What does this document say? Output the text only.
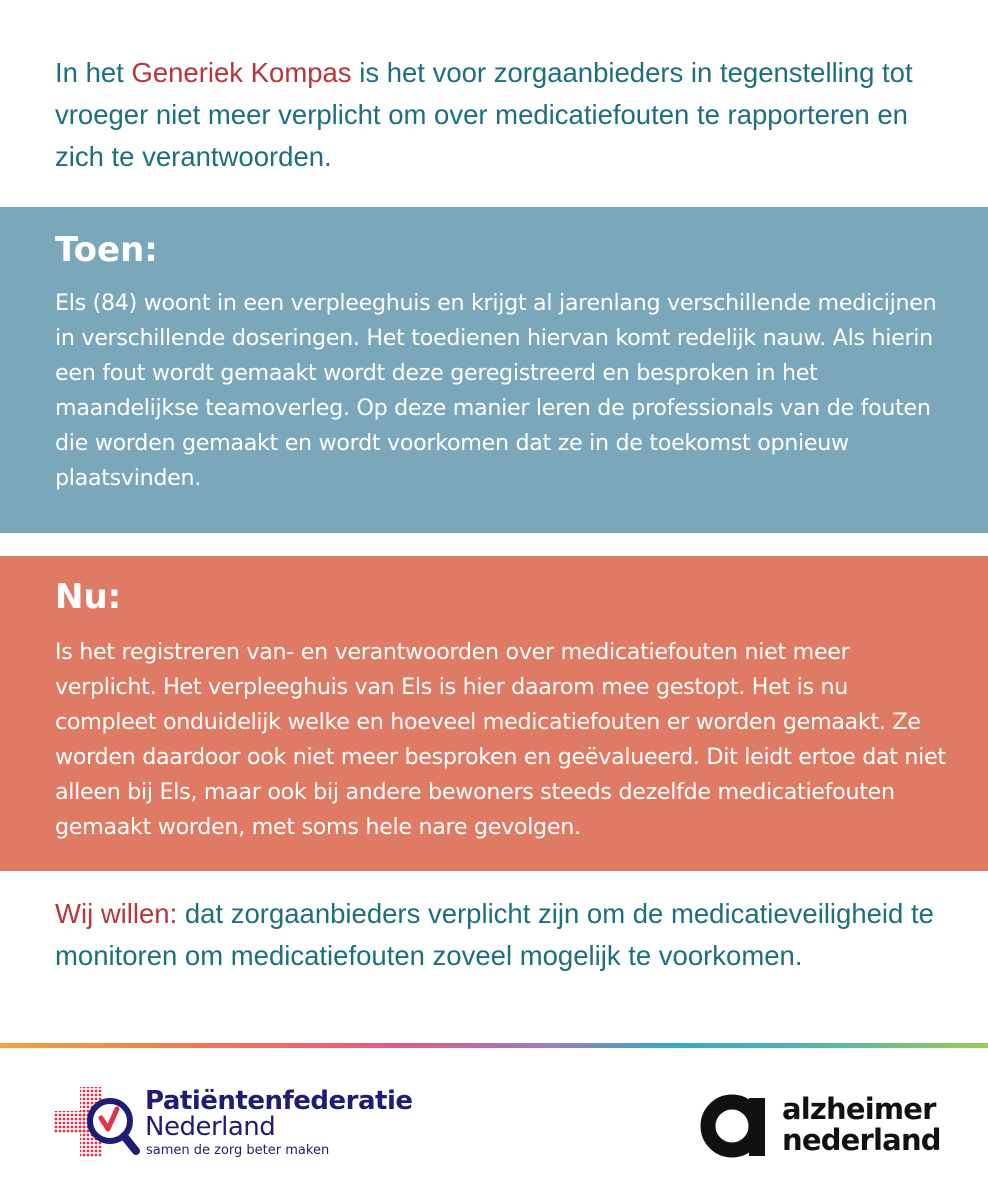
In het Generiek Kompas is het voor zorgaanbieders in tegenstelling tot vroeger niet meer verplicht om over medicatiefouten te rapporteren en zich te verantwoorden.
Toen:

Els (84) woont in een verpleeghuis en krijgt al jarenlang verschillende medicijnen in verschillende doseringen. Het toedienen hiervan komt redelijk nauw. Als hierin een fout wordt gemaakt wordt deze geregistreerd en besproken in het maandelijkse teamoverleg. Op deze manier leren de professionals van de fouten die worden gemaakt en wordt voorkomen dat ze in de toekomst opnieuw plaatsvinden.

Nu:

Is het registreren van- en verantwoorden over medicatiefouten niet meer verplicht. Het verpleeghuis van Els is hier daarom mee gestopt. Het is nu compleet onduidelijk welke en hoeveel medicatiefouten er worden gemaakt. Ze worden daardoor ook niet meer besproken en geëvalueerd. Dit leidt ertoe dat niet alleen bij Els, maar ook bij andere bewoners steeds dezelfde medicatiefouten gemaakt worden, met soms hele nare gevolgen.

Wij willen: dat zorgaanbieders verplicht zijn om de medicatieveiligheid te monitoren om medicatiefouten zoveel mogelijk te voorkomen.
Patiëntenfederatie
Nederland
samen de zorg beter maken
alzheimer
nederland
